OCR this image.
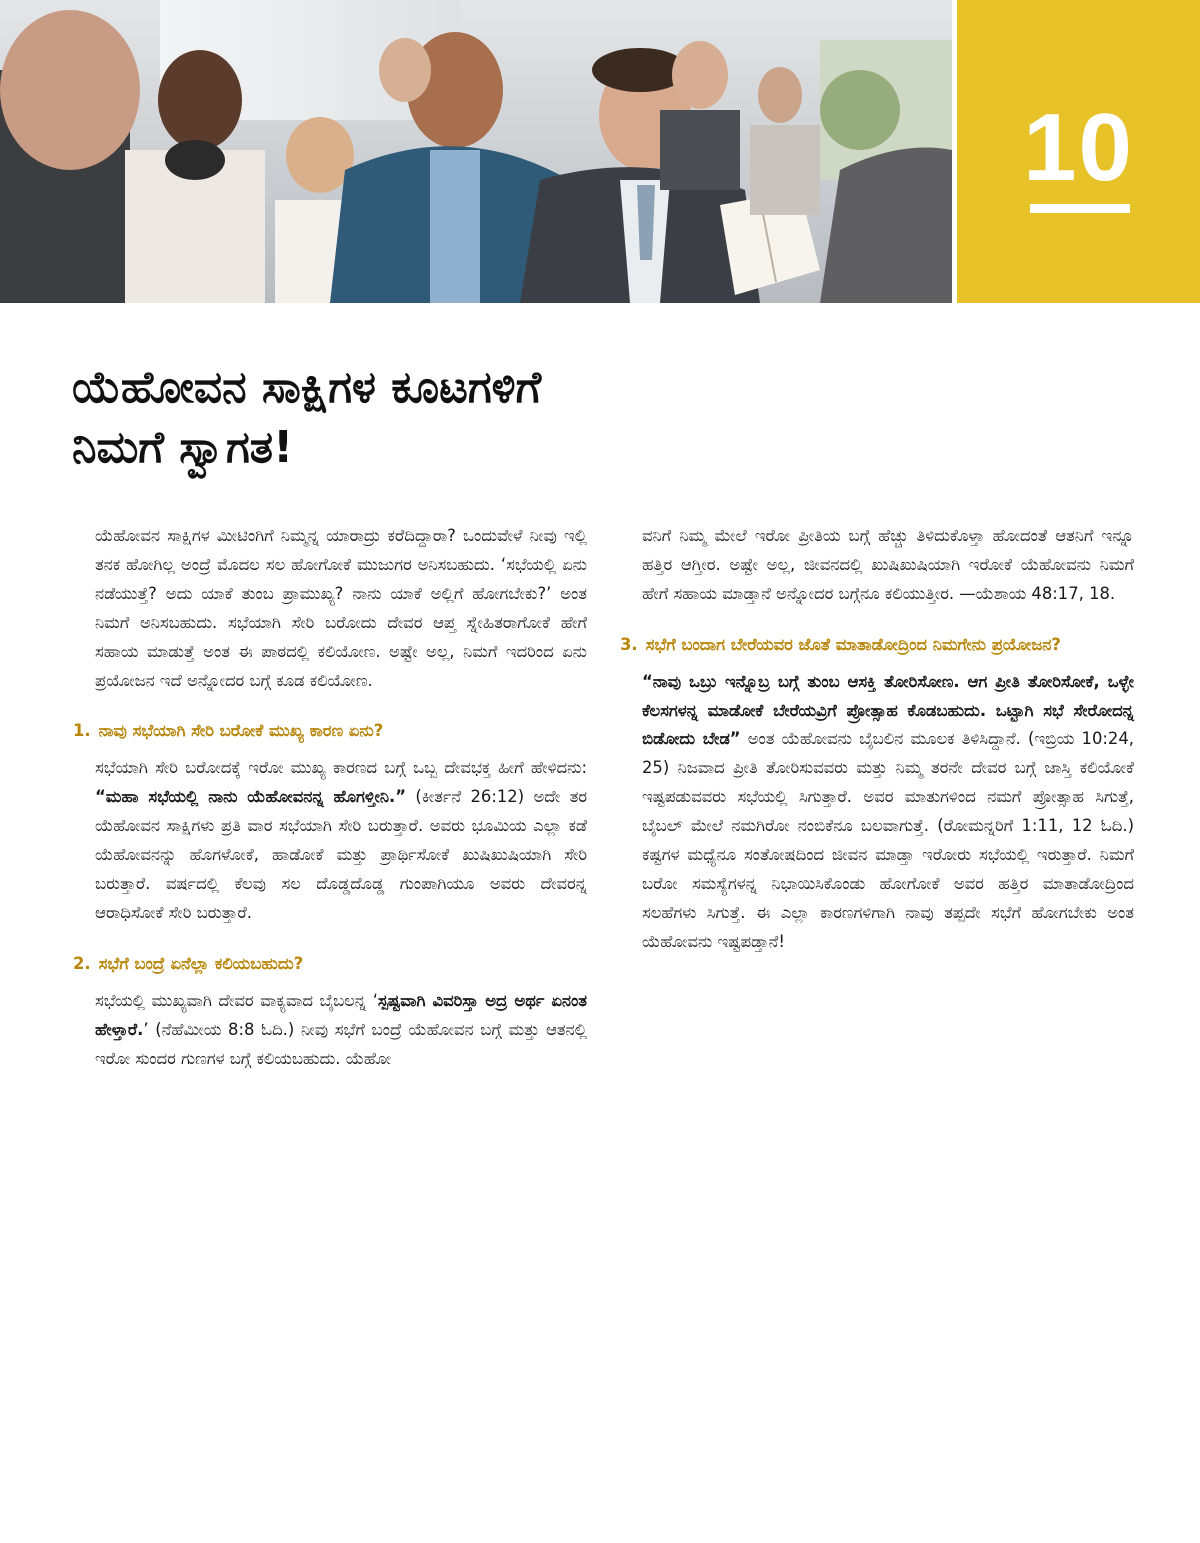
10
ಯೆಹೋವನ ಸಾಕ್ಷಿಗಳ ಕೂಟಗಳಿಗೆ
ನಿಮಗೆ ಸ್ವಾಗತ!

ಯೆಹೋವನ ಸಾಕ್ಷಿಗಳ ಮೀಟಿಂಗಿಗೆ ನಿಮ್ಮನ್ನ ಯಾರಾದ್ರು ಕರೆದಿದ್ದಾರಾ? ಒಂದುವೇಳೆ ನೀವು ಇಲ್ಲಿ ತನಕ ಹೋಗಿಲ್ಲ ಅಂದ್ರೆ ಮೊದಲ ಸಲ ಹೋಗೋಕೆ ಮುಜುಗರ ಅನಿಸಬಹುದು. ‘ಸಭೆಯಲ್ಲಿ ಏನು ನಡೆಯುತ್ತೆ? ಅದು ಯಾಕೆ ತುಂಬ ಪ್ರಾಮುಖ್ಯ? ನಾನು ಯಾಕೆ ಅಲ್ಲಿಗೆ ಹೋಗಬೇಕು?’ ಅಂತ ನಿಮಗೆ ಅನಿಸಬಹುದು. ಸಭೆಯಾಗಿ ಸೇರಿ ಬರೋದು ದೇವರ ಆಪ್ತ ಸ್ನೇಹಿತರಾಗೋಕೆ ಹೇಗೆ ಸಹಾಯ ಮಾಡುತ್ತೆ ಅಂತ ಈ ಪಾಠದಲ್ಲಿ ಕಲಿಯೋಣ. ಅಷ್ಟೇ ಅಲ್ಲ, ನಿಮಗೆ ಇದರಿಂದ ಏನು ಪ್ರಯೋಜನ ಇದೆ ಅನ್ನೋದರ ಬಗ್ಗೆ ಕೂಡ ಕಲಿಯೋಣ.

1. ನಾವು ಸಭೆಯಾಗಿ ಸೇರಿ ಬರೋಕೆ ಮುಖ್ಯ ಕಾರಣ ಏನು?

ಸಭೆಯಾಗಿ ಸೇರಿ ಬರೋದಕ್ಕೆ ಇರೋ ಮುಖ್ಯ ಕಾರಣದ ಬಗ್ಗೆ ಒಬ್ಬ ದೇವಭಕ್ತ ಹೀಗೆ ಹೇಳಿದನು: “ಮಹಾ ಸಭೆಯಲ್ಲಿ ನಾನು ಯೆಹೋವನನ್ನ ಹೊಗಳ್ತೀನಿ.” (ಕೀರ್ತನೆ 26:12) ಅದೇ ತರ ಯೆಹೋವನ ಸಾಕ್ಷಿಗಳು ಪ್ರತಿ ವಾರ ಸಭೆಯಾಗಿ ಸೇರಿ ಬರುತ್ತಾರೆ. ಅವರು ಭೂಮಿಯ ಎಲ್ಲಾ ಕಡೆ ಯೆಹೋವನನ್ನು ಹೊಗಳೋಕೆ, ಹಾಡೋಕೆ ಮತ್ತು ಪ್ರಾರ್ಥಿಸೋಕೆ ಖುಷಿಖುಷಿಯಾಗಿ ಸೇರಿ ಬರುತ್ತಾರೆ. ವರ್ಷದಲ್ಲಿ ಕೆಲವು ಸಲ ದೊಡ್ಡದೊಡ್ಡ ಗುಂಪಾಗಿಯೂ ಅವರು ದೇವರನ್ನ ಆರಾಧಿಸೋಕೆ ಸೇರಿ ಬರುತ್ತಾರೆ.

2. ಸಭೆಗೆ ಬಂದ್ರೆ ಏನೆಲ್ಲಾ ಕಲಿಯಬಹುದು?

ಸಭೆಯಲ್ಲಿ ಮುಖ್ಯವಾಗಿ ದೇವರ ವಾಕ್ಯವಾದ ಬೈಬಲನ್ನ ‘ಸ್ಪಷ್ಟವಾಗಿ ವಿವರಿಸ್ತಾ ಅದ್ರ ಅರ್ಥ ಏನಂತ ಹೇಳ್ತಾರೆ.’ (ನೆಹೆಮೀಯ 8:8 ಓದಿ.) ನೀವು ಸಭೆಗೆ ಬಂದ್ರೆ ಯೆಹೋವನ ಬಗ್ಗೆ ಮತ್ತು ಆತನಲ್ಲಿ ಇರೋ ಸುಂದರ ಗುಣಗಳ ಬಗ್ಗೆ ಕಲಿಯಬಹುದು. ಯೆಹೋ

ವನಿಗೆ ನಿಮ್ಮ ಮೇಲೆ ಇರೋ ಪ್ರೀತಿಯ ಬಗ್ಗೆ ಹೆಚ್ಚು ತಿಳಿದುಕೊಳ್ತಾ ಹೋದಂತೆ ಆತನಿಗೆ ಇನ್ನೂ ಹತ್ತಿರ ಆಗ್ತೀರ. ಅಷ್ಟೇ ಅಲ್ಲ, ಜೀವನದಲ್ಲಿ ಖುಷಿಖುಷಿಯಾಗಿ ಇರೋಕೆ ಯೆಹೋವನು ನಿಮಗೆ ಹೇಗೆ ಸಹಾಯ ಮಾಡ್ತಾನೆ ಅನ್ನೋದರ ಬಗ್ಗೆನೂ ಕಲಿಯುತ್ತೀರ. —ಯೆಶಾಯ 48:17, 18.

3. ಸಭೆಗೆ ಬಂದಾಗ ಬೇರೆಯವರ ಜೊತೆ ಮಾತಾಡೋದ್ರಿಂದ ನಿಮಗೇನು ಪ್ರಯೋಜನ?

“ನಾವು ಒಬ್ರು ಇನ್ನೊಬ್ರ ಬಗ್ಗೆ ತುಂಬ ಆಸಕ್ತಿ ತೋರಿಸೋಣ. ಆಗ ಪ್ರೀತಿ ತೋರಿಸೋಕೆ, ಒಳ್ಳೇ ಕೆಲಸಗಳನ್ನ ಮಾಡೋಕೆ ಬೇರೆಯವ್ರಿಗೆ ಪ್ರೋತ್ಸಾಹ ಕೊಡಬಹುದು. ಒಟ್ಟಾಗಿ ಸಭೆ ಸೇರೋದನ್ನ ಬಿಡೋದು ಬೇಡ” ಅಂತ ಯೆಹೋವನು ಬೈಬಲಿನ ಮೂಲಕ ತಿಳಿಸಿದ್ದಾನೆ. (ಇಬ್ರಿಯ 10:24, 25) ನಿಜವಾದ ಪ್ರೀತಿ ತೋರಿಸುವವರು ಮತ್ತು ನಿಮ್ಮ ತರನೇ ದೇವರ ಬಗ್ಗೆ ಜಾಸ್ತಿ ಕಲಿಯೋಕೆ ಇಷ್ಟಪಡುವವರು ಸಭೆಯಲ್ಲಿ ಸಿಗುತ್ತಾರೆ. ಅವರ ಮಾತುಗಳಿಂದ ನಮಗೆ ಪ್ರೋತ್ಸಾಹ ಸಿಗುತ್ತೆ, ಬೈಬಲ್ ಮೇಲೆ ನಮಗಿರೋ ನಂಬಿಕೆನೂ ಬಲವಾಗುತ್ತೆ. (ರೋಮನ್ನರಿಗೆ 1:11, 12 ಓದಿ.) ಕಷ್ಟಗಳ ಮಧ್ಯೆನೂ ಸಂತೋಷದಿಂದ ಜೀವನ ಮಾಡ್ತಾ ಇರೋರು ಸಭೆಯಲ್ಲಿ ಇರುತ್ತಾರೆ. ನಿಮಗೆ ಬರೋ ಸಮಸ್ಯೆಗಳನ್ನ ನಿಭಾಯಿಸಿಕೊಂಡು ಹೋಗೋಕೆ ಅವರ ಹತ್ತಿರ ಮಾತಾಡೋದ್ರಿಂದ ಸಲಹೆಗಳು ಸಿಗುತ್ತೆ. ಈ ಎಲ್ಲಾ ಕಾರಣಗಳಿಗಾಗಿ ನಾವು ತಪ್ಪದೇ ಸಭೆಗೆ ಹೋಗಬೇಕು ಅಂತ ಯೆಹೋವನು ಇಷ್ಟಪಡ್ತಾನೆ!
